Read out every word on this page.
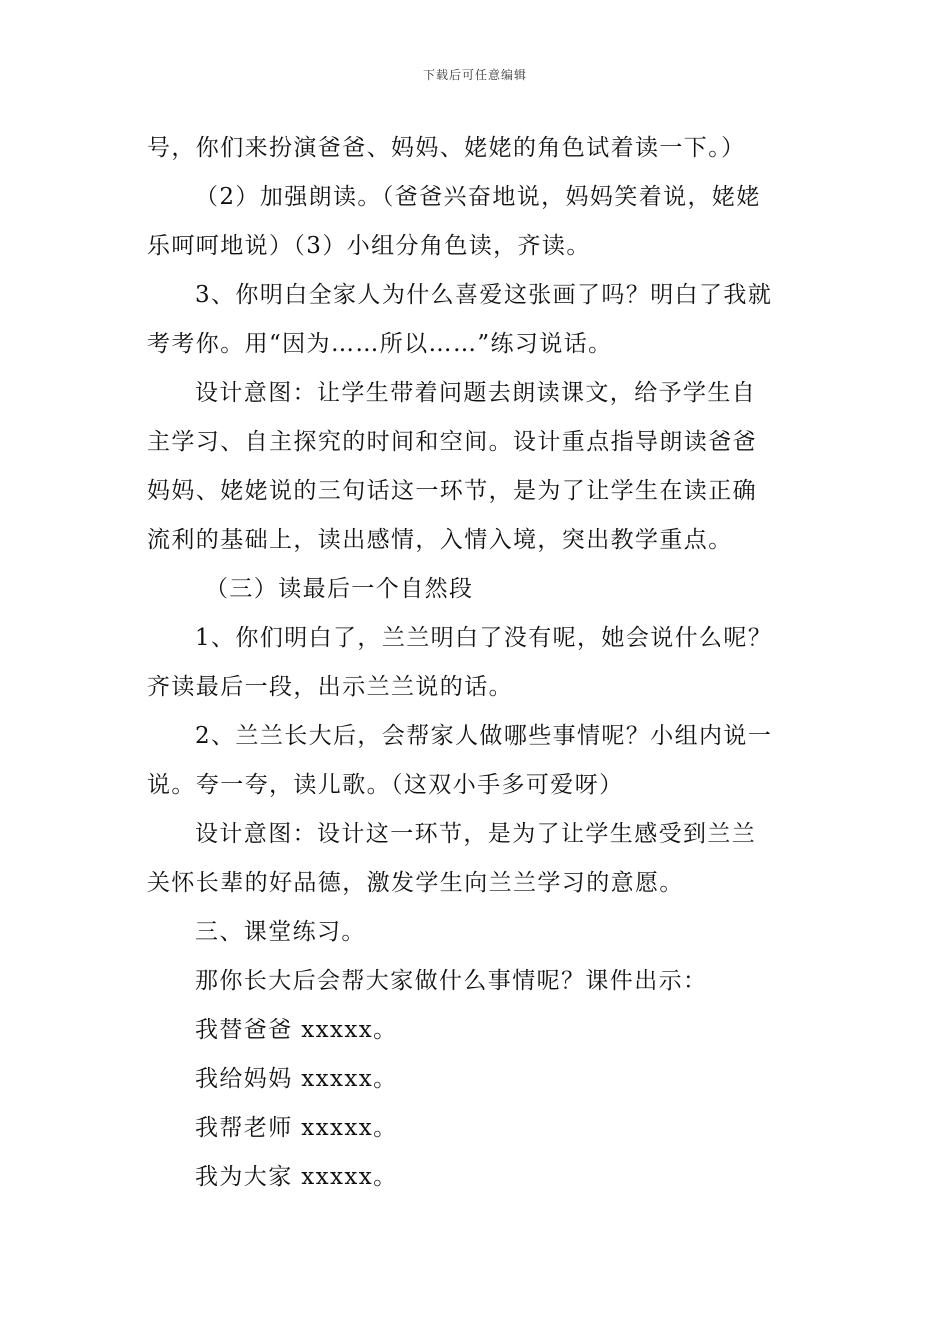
下载后可任意编辑

号，你们来扮演爸爸、妈妈、姥姥的角色试着读一下。）

（2）加强朗读。（爸爸兴奋地说，妈妈笑着说，姥姥

乐呵呵地说）（3）小组分角色读，齐读。

3、你明白全家人为什么喜爱这张画了吗？明白了我就

考考你。用“因为……所以……”练习说话。

设计意图：让学生带着问题去朗读课文，给予学生自

主学习、自主探究的时间和空间。设计重点指导朗读爸爸

妈妈、姥姥说的三句话这一环节，是为了让学生在读正确

流利的基础上，读出感情，入情入境，突出教学重点。

（三）读最后一个自然段

1、你们明白了，兰兰明白了没有呢，她会说什么呢？

齐读最后一段，出示兰兰说的话。

2、兰兰长大后，会帮家人做哪些事情呢？小组内说一

说。夸一夸，读儿歌。（这双小手多可爱呀）

设计意图：设计这一环节，是为了让学生感受到兰兰

关怀长辈的好品德，激发学生向兰兰学习的意愿。

三、课堂练习。

那你长大后会帮大家做什么事情呢？课件出示：

我替爸爸 xxxxx。

我给妈妈 xxxxx。

我帮老师 xxxxx。

我为大家 xxxxx。
